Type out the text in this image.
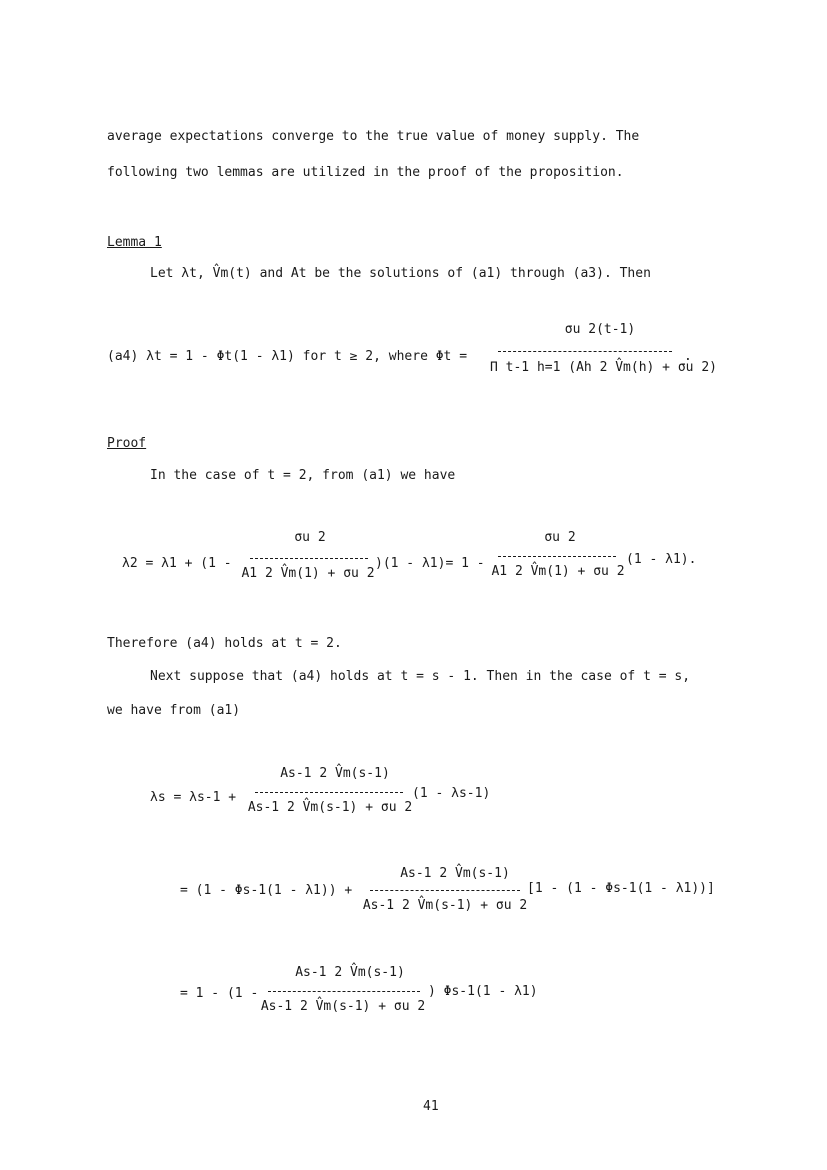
average expectations converge to the true value of money supply. The
following two lemmas are utilized in the proof of the proposition.
Lemma 1
Let λt, V̂m(t) and At be the solutions of (a1) through (a3). Then
(a4) λt = 1 - Φt(1 - λ1) for t ≥ 2, where Φt =
σu 2(t-1)
Π t-1 h=1 (Ah 2 V̂m(h) + σu 2)
.
Proof
In the case of t = 2, from (a1) we have
λ2 = λ1 + (1 -
σu 2
A1 2 V̂m(1) + σu 2
)(1 - λ1)= 1 -
σu 2
A1 2 V̂m(1) + σu 2
(1 - λ1).
Therefore (a4) holds at t = 2.
Next suppose that (a4) holds at t = s - 1. Then in the case of t = s,
we have from (a1)
λs = λs-1 +
As-1 2 V̂m(s-1)
As-1 2 V̂m(s-1) + σu 2
(1 - λs-1)
= (1 - Φs-1(1 - λ1)) +
As-1 2 V̂m(s-1)
As-1 2 V̂m(s-1) + σu 2
[1 - (1 - Φs-1(1 - λ1))]
= 1 - (1 -
As-1 2 V̂m(s-1)
As-1 2 V̂m(s-1) + σu 2
) Φs-1(1 - λ1)
41
